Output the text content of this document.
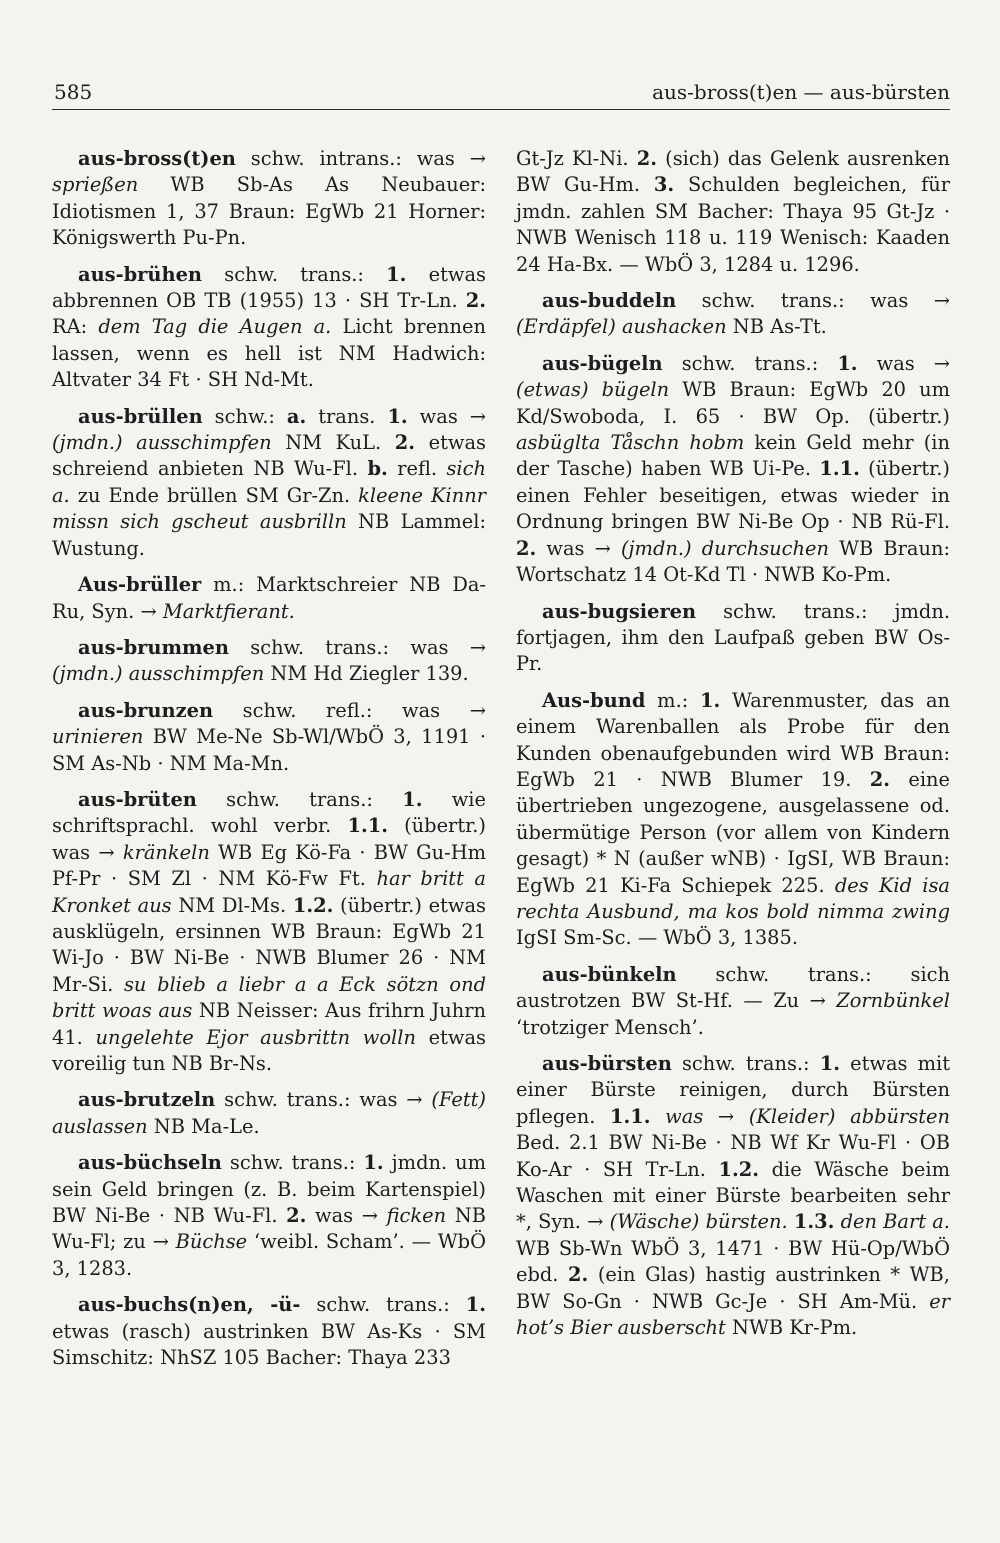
585	aus-bross(t)en — aus-bürsten

aus-bross(t)en schw. intrans.: was → sprießen WB Sb-As As Neubauer: Idiotismen 1, 37 Braun: EgWb 21 Horner: Königswerth Pu-Pn.

aus-brühen schw. trans.: 1. etwas abbrennen OB TB (1955) 13 · SH Tr-Ln. 2. RA: dem Tag die Augen a. Licht brennen lassen, wenn es hell ist NM Hadwich: Altvater 34 Ft · SH Nd-Mt.

aus-brüllen schw.: a. trans. 1. was → (jmdn.) ausschimpfen NM KuL. 2. etwas schreiend anbieten NB Wu-Fl. b. refl. sich a. zu Ende brüllen SM Gr-Zn. kleene Kinnr missn sich gscheut ausbrilln NB Lammel: Wustung.

Aus-brüller m.: Marktschreier NB Da-Ru, Syn. → Marktfierant.

aus-brummen schw. trans.: was → (jmdn.) ausschimpfen NM Hd Ziegler 139.

aus-brunzen schw. refl.: was → urinieren BW Me-Ne Sb-Wl/WbÖ 3, 1191 · SM As-Nb · NM Ma-Mn.

aus-brüten schw. trans.: 1. wie schriftsprachl. wohl verbr. 1.1. (übertr.) was → kränkeln WB Eg Kö-Fa · BW Gu-Hm Pf-Pr · SM Zl · NM Kö-Fw Ft. har britt a Kronket aus NM Dl-Ms. 1.2. (übertr.) etwas ausklügeln, ersinnen WB Braun: EgWb 21 Wi-Jo · BW Ni-Be · NWB Blumer 26 · NM Mr-Si. su blieb a liebr a a Eck sötzn ond britt woas aus NB Neisser: Aus frihrn Juhrn 41. ungelehte Ejor ausbrittn wolln etwas voreilig tun NB Br-Ns.

aus-brutzeln schw. trans.: was → (Fett) auslassen NB Ma-Le.

aus-büchseln schw. trans.: 1. jmdn. um sein Geld bringen (z. B. beim Kartenspiel) BW Ni-Be · NB Wu-Fl. 2. was → ficken NB Wu-Fl; zu → Büchse ‘weibl. Scham’. — WbÖ 3, 1283.

aus-buchs(n)en, -ü- schw. trans.: 1. etwas (rasch) austrinken BW As-Ks · SM Simschitz: NhSZ 105 Bacher: Thaya 233

Gt-Jz Kl-Ni. 2. (sich) das Gelenk ausrenken BW Gu-Hm. 3. Schulden begleichen, für jmdn. zahlen SM Bacher: Thaya 95 Gt-Jz · NWB Wenisch 118 u. 119 Wenisch: Kaaden 24 Ha-Bx. — WbÖ 3, 1284 u. 1296.

aus-buddeln schw. trans.: was → (Erdäpfel) aushacken NB As-Tt.

aus-bügeln schw. trans.: 1. was → (etwas) bügeln WB Braun: EgWb 20 um Kd/Swoboda, I. 65 · BW Op. (übertr.) asbüglta Tåschn hobm kein Geld mehr (in der Tasche) haben WB Ui-Pe. 1.1. (übertr.) einen Fehler beseitigen, etwas wieder in Ordnung bringen BW Ni-Be Op · NB Rü-Fl. 2. was → (jmdn.) durchsuchen WB Braun: Wortschatz 14 Ot-Kd Tl · NWB Ko-Pm.

aus-bugsieren schw. trans.: jmdn. fortjagen, ihm den Laufpaß geben BW Os-Pr.

Aus-bund m.: 1. Warenmuster, das an einem Warenballen als Probe für den Kunden obenaufgebunden wird WB Braun: EgWb 21 · NWB Blumer 19. 2. eine übertrieben ungezogene, ausgelassene od. übermütige Person (vor allem von Kindern gesagt) * N (außer wNB) · IgSI, WB Braun: EgWb 21 Ki-Fa Schiepek 225. des Kid isa rechta Ausbund, ma kos bold nimma zwing IgSI Sm-Sc. — WbÖ 3, 1385.

aus-bünkeln schw. trans.: sich austrotzen BW St-Hf. — Zu → Zornbünkel ‘trotziger Mensch’.

aus-bürsten schw. trans.: 1. etwas mit einer Bürste reinigen, durch Bürsten pflegen. 1.1. was → (Kleider) abbürsten Bed. 2.1 BW Ni-Be · NB Wf Kr Wu-Fl · OB Ko-Ar · SH Tr-Ln. 1.2. die Wäsche beim Waschen mit einer Bürste bearbeiten sehr *, Syn. → (Wäsche) bürsten. 1.3. den Bart a. WB Sb-Wn WbÖ 3, 1471 · BW Hü-Op/WbÖ ebd. 2. (ein Glas) hastig austrinken * WB, BW So-Gn · NWB Gc-Je · SH Am-Mü. er hot’s Bier ausberscht NWB Kr-Pm.
